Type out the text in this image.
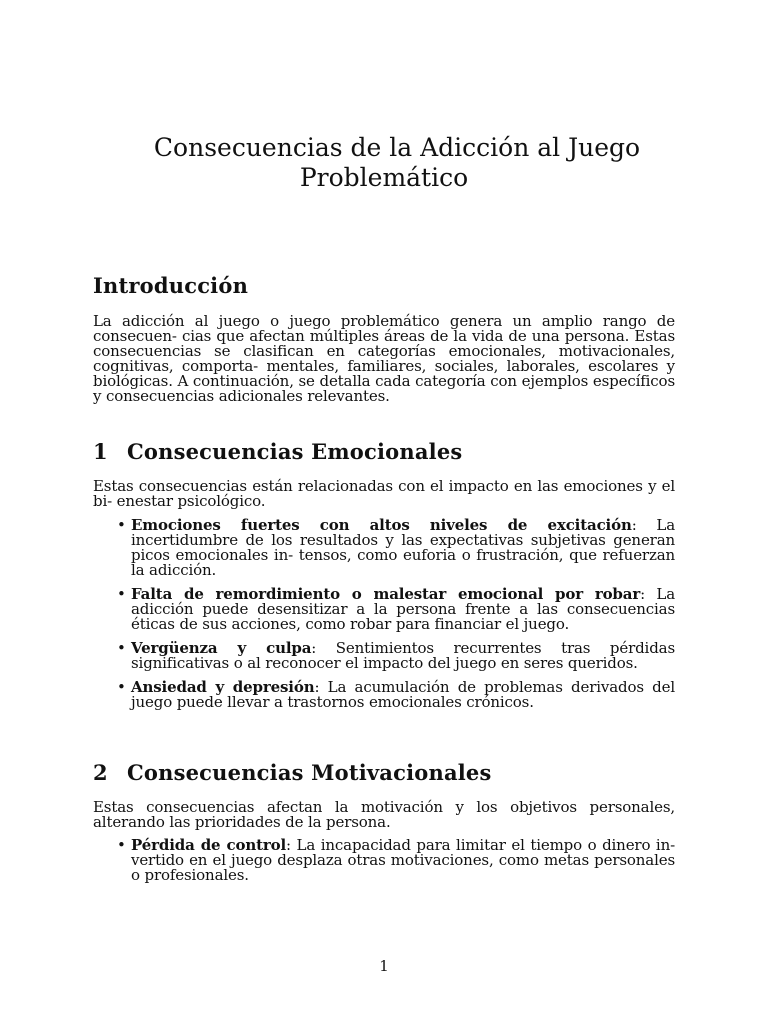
Consecuencias de la Adicción al Juego
Problemático
Introducción

La adicción al juego o juego problemático genera un amplio rango de consecuen- cias que afectan múltiples áreas de la vida de una persona. Estas consecuencias se clasifican en categorías emocionales, motivacionales, cognitivas, comporta- mentales, familiares, sociales, laborales, escolares y biológicas. A continuación, se detalla cada categoría con ejemplos específicos y consecuencias adicionales relevantes.

1 Consecuencias Emocionales

Estas consecuencias están relacionadas con el impacto en las emociones y el bi- enestar psicológico.

• Emociones fuertes con altos niveles de excitación: La incertidumbre de los resultados y las expectativas subjetivas generan picos emocionales in- tensos, como euforia o frustración, que refuerzan la adicción.
• Falta de remordimiento o malestar emocional por robar: La adicción puede desensitizar a la persona frente a las consecuencias éticas de sus acciones, como robar para financiar el juego.
• Vergüenza y culpa: Sentimientos recurrentes tras pérdidas significativas o al reconocer el impacto del juego en seres queridos.
• Ansiedad y depresión: La acumulación de problemas derivados del juego puede llevar a trastornos emocionales crónicos.
2 Consecuencias Motivacionales

Estas consecuencias afectan la motivación y los objetivos personales, alterando las prioridades de la persona.

• Pérdida de control: La incapacidad para limitar el tiempo o dinero in- vertido en el juego desplaza otras motivaciones, como metas personales o profesionales.
1
